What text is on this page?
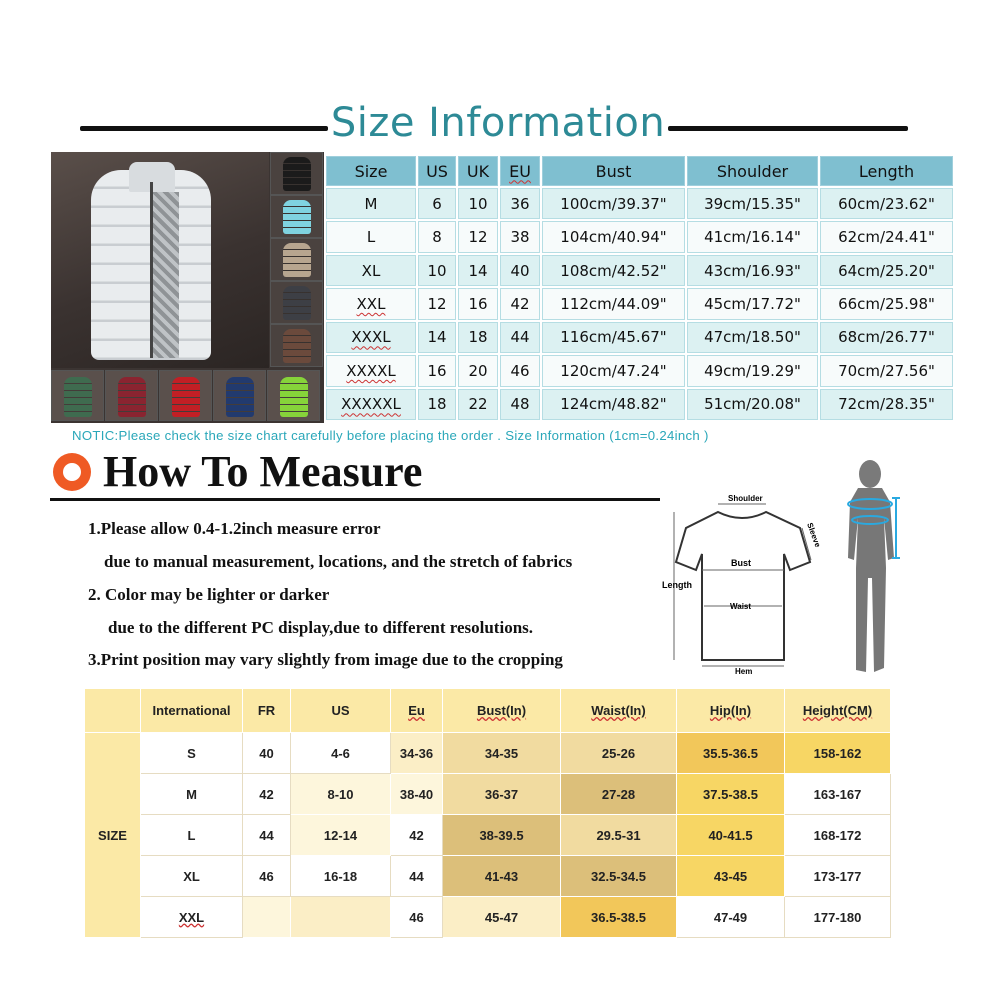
Size Information
Size	US	UK	EU	Bust	Shoulder	Length
M	6	10	36	100cm/39.37"	39cm/15.35"	60cm/23.62"
L	8	12	38	104cm/40.94"	41cm/16.14"	62cm/24.41"
XL	10	14	40	108cm/42.52"	43cm/16.93"	64cm/25.20"
XXL	12	16	42	112cm/44.09"	45cm/17.72"	66cm/25.98"
XXXL	14	18	44	116cm/45.67"	47cm/18.50"	68cm/26.77"
XXXXL	16	20	46	120cm/47.24"	49cm/19.29"	70cm/27.56"
XXXXXL	18	22	48	124cm/48.82"	51cm/20.08"	72cm/28.35"
NOTIC:Please check the size chart carefully before placing the order . Size Information (1cm=0.24inch )
How To Measure
1.Please allow 0.4-1.2inch measure error
due to manual measurement, locations, and the stretch of fabrics
2. Color may be lighter or darker
due to the different PC display,due to different resolutions.
3.Print position may vary slightly from image due to the cropping
Shoulder
Sleeve
Bust
Length
Waist
Hem
	International	FR	US	Eu	Bust(In)	Waist(In)	Hip(In)	Height(CM)
SIZE	S	40	4-6	34-36	34-35	25-26	35.5-36.5	158-162
	M	42	8-10	38-40	36-37	27-28	37.5-38.5	163-167
	L	44	12-14	42	38-39.5	29.5-31	40-41.5	168-172
	XL	46	16-18	44	41-43	32.5-34.5	43-45	173-177
	XXL			46	45-47	36.5-38.5	47-49	177-180
